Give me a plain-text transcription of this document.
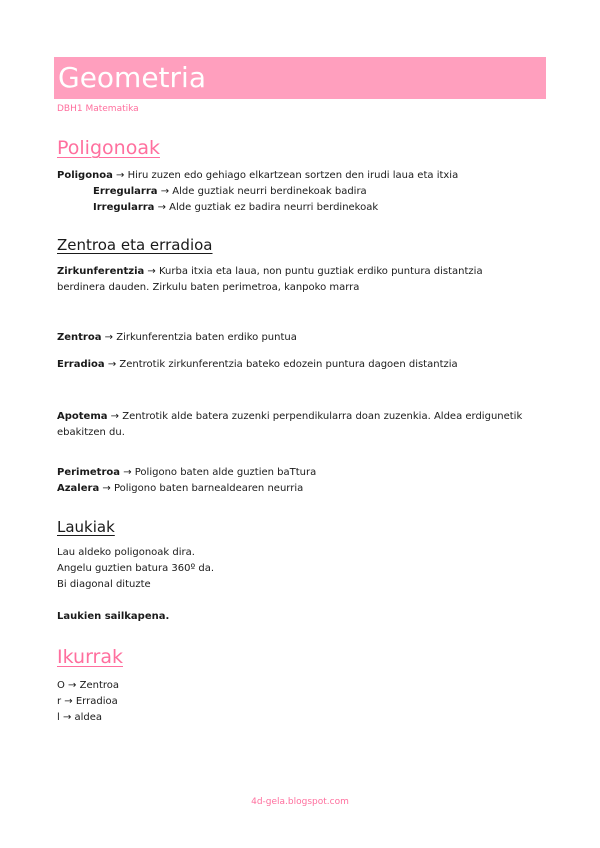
Geometria
DBH1 Matematika
Poligonoak
Poligonoa → Hiru zuzen edo gehiago elkartzean sortzen den irudi laua eta itxia
Erregularra → Alde guztiak neurri berdinekoak badira
Irregularra → Alde guztiak ez badira neurri berdinekoak
Zentroa eta erradioa
Zirkunferentzia → Kurba itxia eta laua, non puntu guztiak erdiko puntura distantzia berdinera dauden. Zirkulu baten perimetroa, kanpoko marra
Zentroa → Zirkunferentzia baten erdiko puntua
Erradioa → Zentrotik zirkunferentzia bateko edozein puntura dagoen distantzia
Apotema → Zentrotik alde batera zuzenki perpendikularra doan zuzenkia. Aldea erdigunetik ebakitzen du.
Perimetroa → Poligono baten alde guztien baTtura
Azalera → Poligono baten barnealdearen neurria
Laukiak
Lau aldeko poligonoak dira.
Angelu guztien batura 360º da.
Bi diagonal dituzte
Laukien sailkapena.
Ikurrak
O → Zentroa
r → Erradioa
l → aldea
4d-gela.blogspot.com
